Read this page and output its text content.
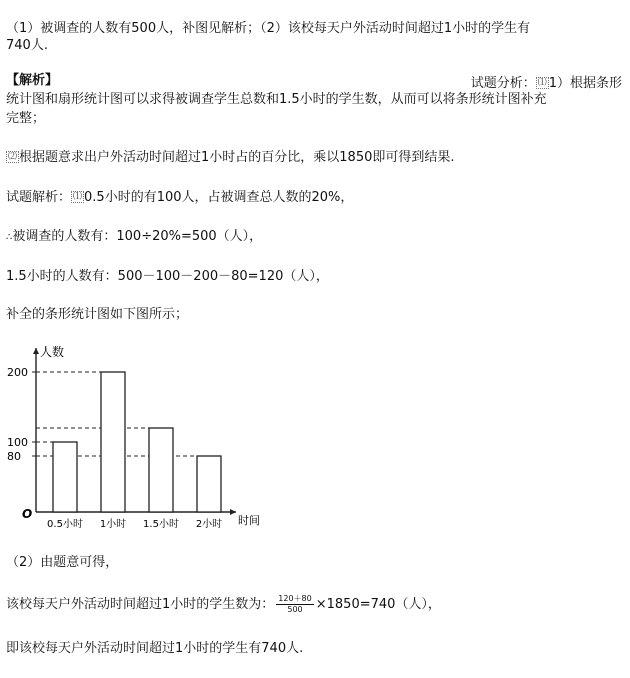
（1）被调查的人数有500人，补图见解析；（2）该校每天户外活动时间超过1小时的学生有
740人.
【解析】	试题分析： ⑴ 1）根据条形
统计图和扇形统计图可以求得被调查学生总数和1.5小时的学生数，从而可以将条形统计图补充
完整；
⑵ 根据题意求出户外活动时间超过1小时占的百分比，乘以1850即可得到结果.
试题解析： ⑴ 0.5小时的有100人，占被调查总人数的20%，
∴被调查的人数有：100÷20%=500（人），
1.5小时的人数有：500－100－200－80=120（人），
补全的条形统计图如下图所示；
人数
时间
O
80
100
200
0.5小时 1小时 1.5小时 2小时
（2）由题意可得，
该校每天户外活动时间超过1小时的学生数为： $\frac{120+80}{500} \times 1850=740$（人），
即该校每天户外活动时间超过1小时的学生有740人.
